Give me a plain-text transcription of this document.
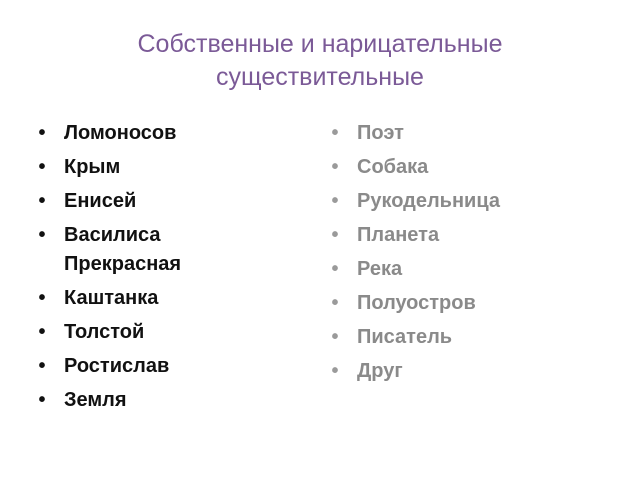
Собственные и нарицательные
существительные
• Ломоносов
• Крым
• Енисей
• Василиса Прекрасная
• Каштанка
• Толстой
• Ростислав
• Земля
• Поэт
• Собака
• Рукодельница
• Планета
• Река
• Полуостров
• Писатель
• Друг
